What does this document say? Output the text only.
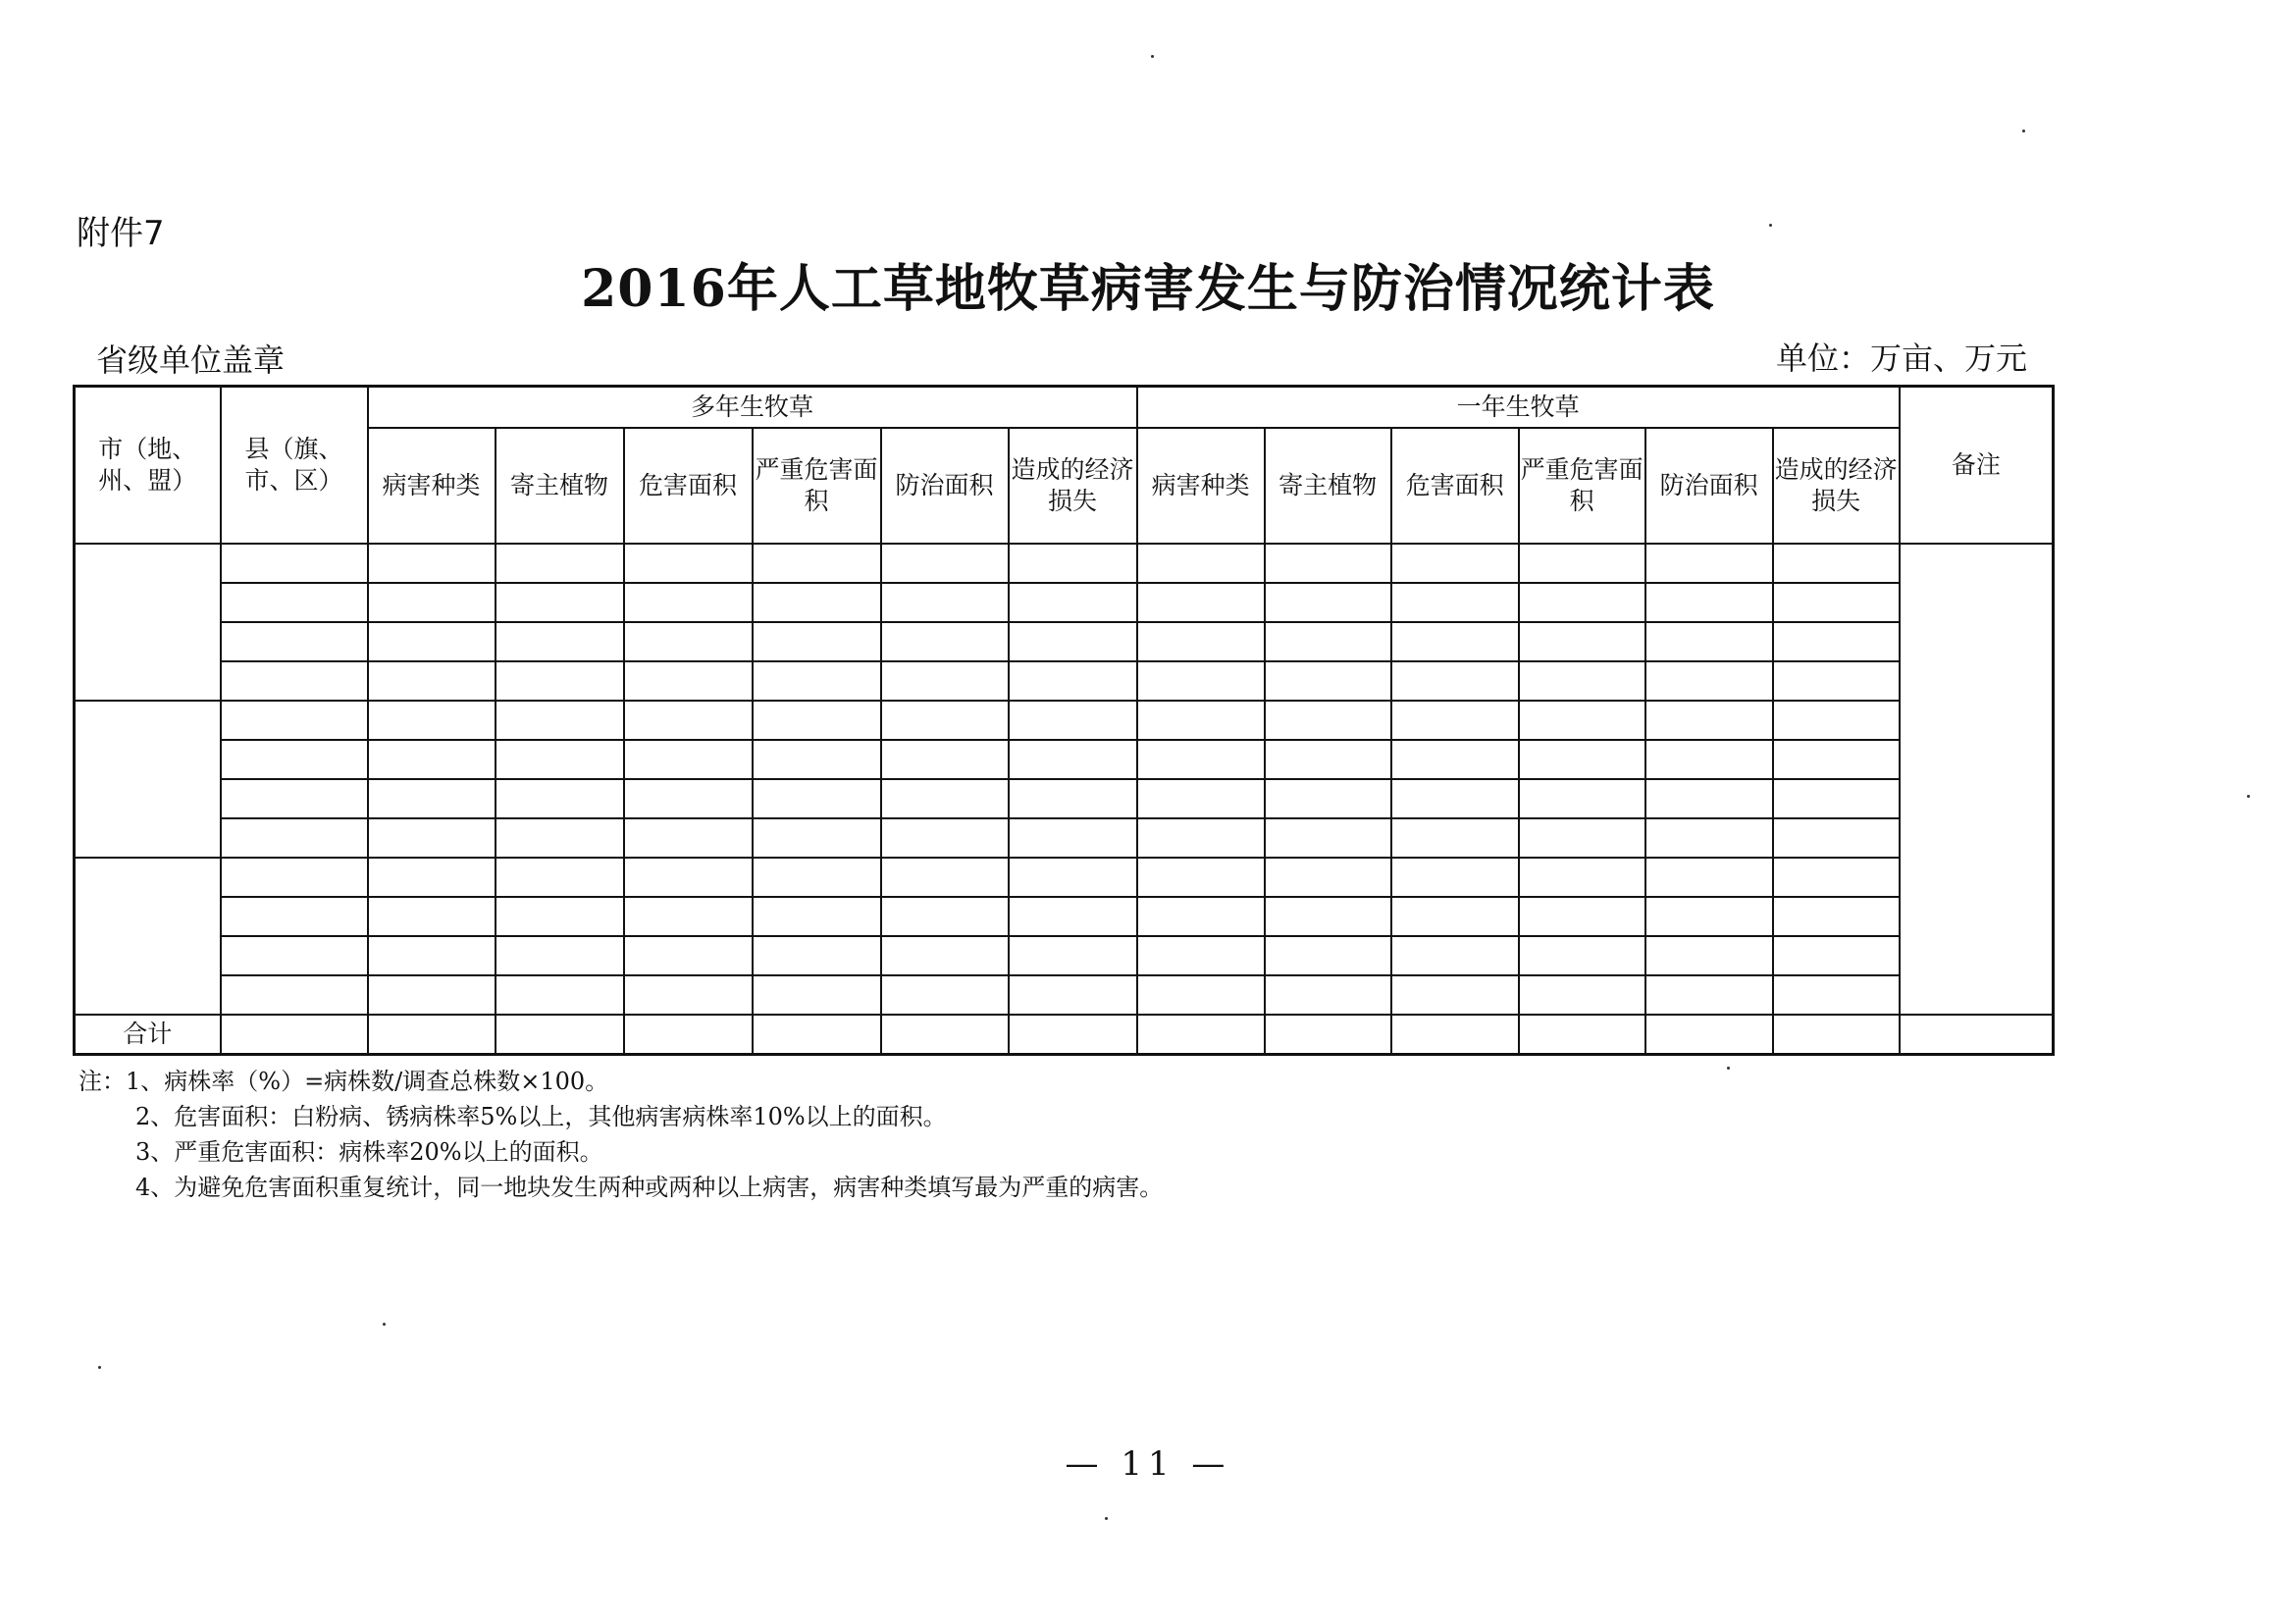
附件7
2016年人工草地牧草病害发生与防治情况统计表
省级单位盖章	单位：万亩、万元
市（地、州、盟）	县（旗、市、区）	多年生牧草						一年生牧草						备注
		病害种类	寄主植物	危害面积	严重危害面积	防治面积	造成的经济损失	病害种类	寄主植物	危害面积	严重危害面积	防治面积	造成的经济损失	

合计														
注：1、病株率（%）=病株数/调查总株数×100。
2、危害面积：白粉病、锈病株率5%以上，其他病害病株率10%以上的面积。
3、严重危害面积：病株率20%以上的面积。
4、为避免危害面积重复统计，同一地块发生两种或两种以上病害，病害种类填写最为严重的病害。
— 11 —
